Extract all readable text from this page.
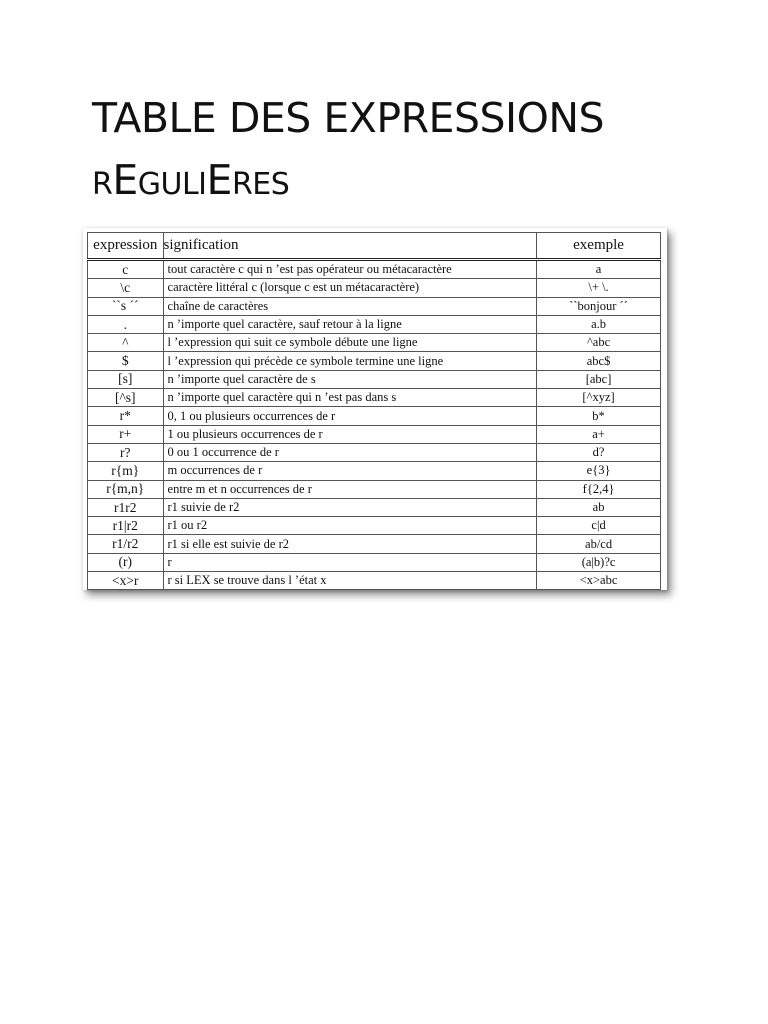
TABLE DES EXPRESSIONS
REGULIERES
expression	signification	exemple
c	tout caractère c qui n ’est pas opérateur ou métacaractère	a
\c	caractère littéral c (lorsque c est un métacaractère)	\+ \.
``s ´´	chaîne de caractères	``bonjour ´´
.	n ’importe quel caractère, sauf retour à la ligne	a.b
^	l ’expression qui suit ce symbole débute une ligne	^abc
$	l ’expression qui précède ce symbole termine une ligne	abc$
[s]	n ’importe quel caractère de s	[abc]
[^s]	n ’importe quel caractère qui n ’est pas dans s	[^xyz]
r*	0, 1 ou plusieurs occurrences de r	b*
r+	1 ou plusieurs occurrences de r	a+
r?	0 ou 1 occurrence de r	d?
r{m}	m occurrences de r	e{3}
r{m,n}	entre m et n occurrences de r	f{2,4}
r1r2	r1 suivie de r2	ab
r1|r2	r1 ou r2	c|d
r1/r2	r1 si elle est suivie de r2	ab/cd
(r)	r	(a|b)?c
<x>r	r si LEX se trouve dans l ’état x	<x>abc
